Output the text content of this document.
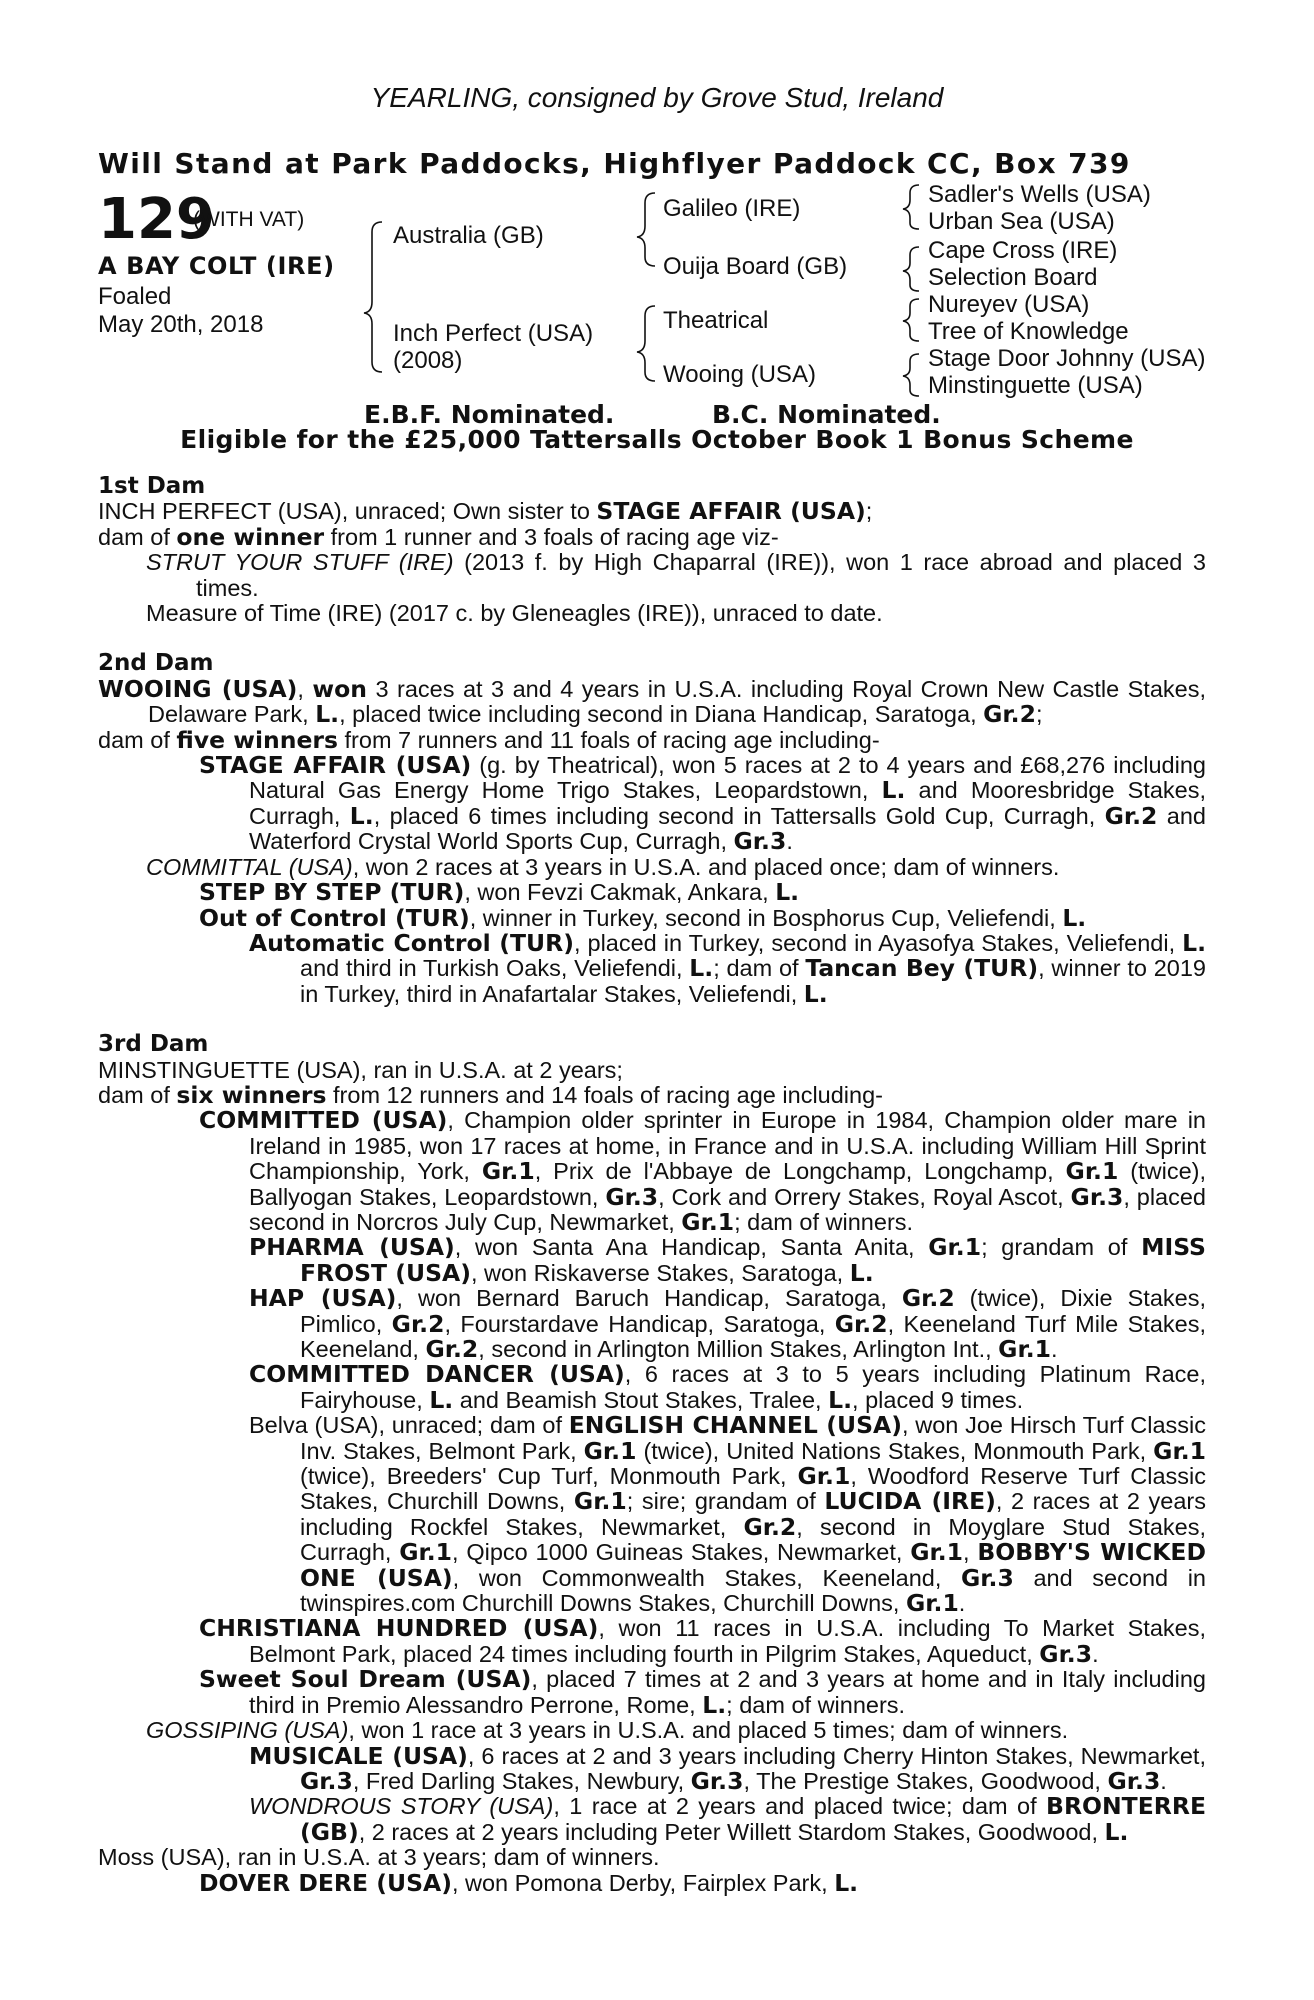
YEARLING, consigned by Grove Stud, Ireland
Will Stand at Park Paddocks, Highflyer Paddock CC, Box 739
129
(WITH VAT)
A BAY COLT (IRE)
Foaled
May 20th, 2018
Australia (GB)
Inch Perfect (USA)
(2008)
Galileo (IRE)
Ouija Board (GB)
Theatrical
Wooing (USA)
Sadler's Wells (USA)
Urban Sea (USA)
Cape Cross (IRE)
Selection Board
Nureyev (USA)
Tree of Knowledge
Stage Door Johnny (USA)
Minstinguette (USA)
E.B.F. Nominated.	B.C. Nominated.
Eligible for the £25,000 Tattersalls October Book 1 Bonus Scheme

1st Dam

INCH PERFECT (USA), unraced; Own sister to STAGE AFFAIR (USA);

dam of one winner from 1 runner and 3 foals of racing age viz-

STRUT YOUR STUFF (IRE) (2013 f. by High Chaparral (IRE)), won 1 race abroad and placed 3 times.

Measure of Time (IRE) (2017 c. by Gleneagles (IRE)), unraced to date.

2nd Dam

WOOING (USA), won 3 races at 3 and 4 years in U.S.A. including Royal Crown New Castle Stakes, Delaware Park, L., placed twice including second in Diana Handicap, Saratoga, Gr.2;

dam of five winners from 7 runners and 11 foals of racing age including-

STAGE AFFAIR (USA) (g. by Theatrical), won 5 races at 2 to 4 years and £68,276 including Natural Gas Energy Home Trigo Stakes, Leopardstown, L. and Mooresbridge Stakes, Curragh, L., placed 6 times including second in Tattersalls Gold Cup, Curragh, Gr.2 and Waterford Crystal World Sports Cup, Curragh, Gr.3.

COMMITTAL (USA), won 2 races at 3 years in U.S.A. and placed once; dam of winners.

STEP BY STEP (TUR), won Fevzi Cakmak, Ankara, L.

Out of Control (TUR), winner in Turkey, second in Bosphorus Cup, Veliefendi, L.

Automatic Control (TUR), placed in Turkey, second in Ayasofya Stakes, Veliefendi, L. and third in Turkish Oaks, Veliefendi, L.; dam of Tancan Bey (TUR), winner to 2019 in Turkey, third in Anafartalar Stakes, Veliefendi, L.

3rd Dam

MINSTINGUETTE (USA), ran in U.S.A. at 2 years;

dam of six winners from 12 runners and 14 foals of racing age including-

COMMITTED (USA), Champion older sprinter in Europe in 1984, Champion older mare in Ireland in 1985, won 17 races at home, in France and in U.S.A. including William Hill Sprint Championship, York, Gr.1, Prix de l'Abbaye de Longchamp, Longchamp, Gr.1 (twice), Ballyogan Stakes, Leopardstown, Gr.3, Cork and Orrery Stakes, Royal Ascot, Gr.3, placed second in Norcros July Cup, Newmarket, Gr.1; dam of winners.

PHARMA (USA), won Santa Ana Handicap, Santa Anita, Gr.1; grandam of MISS FROST (USA), won Riskaverse Stakes, Saratoga, L.

HAP (USA), won Bernard Baruch Handicap, Saratoga, Gr.2 (twice), Dixie Stakes, Pimlico, Gr.2, Fourstardave Handicap, Saratoga, Gr.2, Keeneland Turf Mile Stakes, Keeneland, Gr.2, second in Arlington Million Stakes, Arlington Int., Gr.1.

COMMITTED DANCER (USA), 6 races at 3 to 5 years including Platinum Race, Fairyhouse, L. and Beamish Stout Stakes, Tralee, L., placed 9 times.

Belva (USA), unraced; dam of ENGLISH CHANNEL (USA), won Joe Hirsch Turf Classic Inv. Stakes, Belmont Park, Gr.1 (twice), United Nations Stakes, Monmouth Park, Gr.1 (twice), Breeders' Cup Turf, Monmouth Park, Gr.1, Woodford Reserve Turf Classic Stakes, Churchill Downs, Gr.1; sire; grandam of LUCIDA (IRE), 2 races at 2 years including Rockfel Stakes, Newmarket, Gr.2, second in Moyglare Stud Stakes, Curragh, Gr.1, Qipco 1000 Guineas Stakes, Newmarket, Gr.1, BOBBY'S WICKED ONE (USA), won Commonwealth Stakes, Keeneland, Gr.3 and second in twinspires.com Churchill Downs Stakes, Churchill Downs, Gr.1.

CHRISTIANA HUNDRED (USA), won 11 races in U.S.A. including To Market Stakes, Belmont Park, placed 24 times including fourth in Pilgrim Stakes, Aqueduct, Gr.3.

Sweet Soul Dream (USA), placed 7 times at 2 and 3 years at home and in Italy including third in Premio Alessandro Perrone, Rome, L.; dam of winners.

GOSSIPING (USA), won 1 race at 3 years in U.S.A. and placed 5 times; dam of winners.

MUSICALE (USA), 6 races at 2 and 3 years including Cherry Hinton Stakes, Newmarket, Gr.3, Fred Darling Stakes, Newbury, Gr.3, The Prestige Stakes, Goodwood, Gr.3.

WONDROUS STORY (USA), 1 race at 2 years and placed twice; dam of BRONTERRE (GB), 2 races at 2 years including Peter Willett Stardom Stakes, Goodwood, L.

Moss (USA), ran in U.S.A. at 3 years; dam of winners.

DOVER DERE (USA), won Pomona Derby, Fairplex Park, L.
